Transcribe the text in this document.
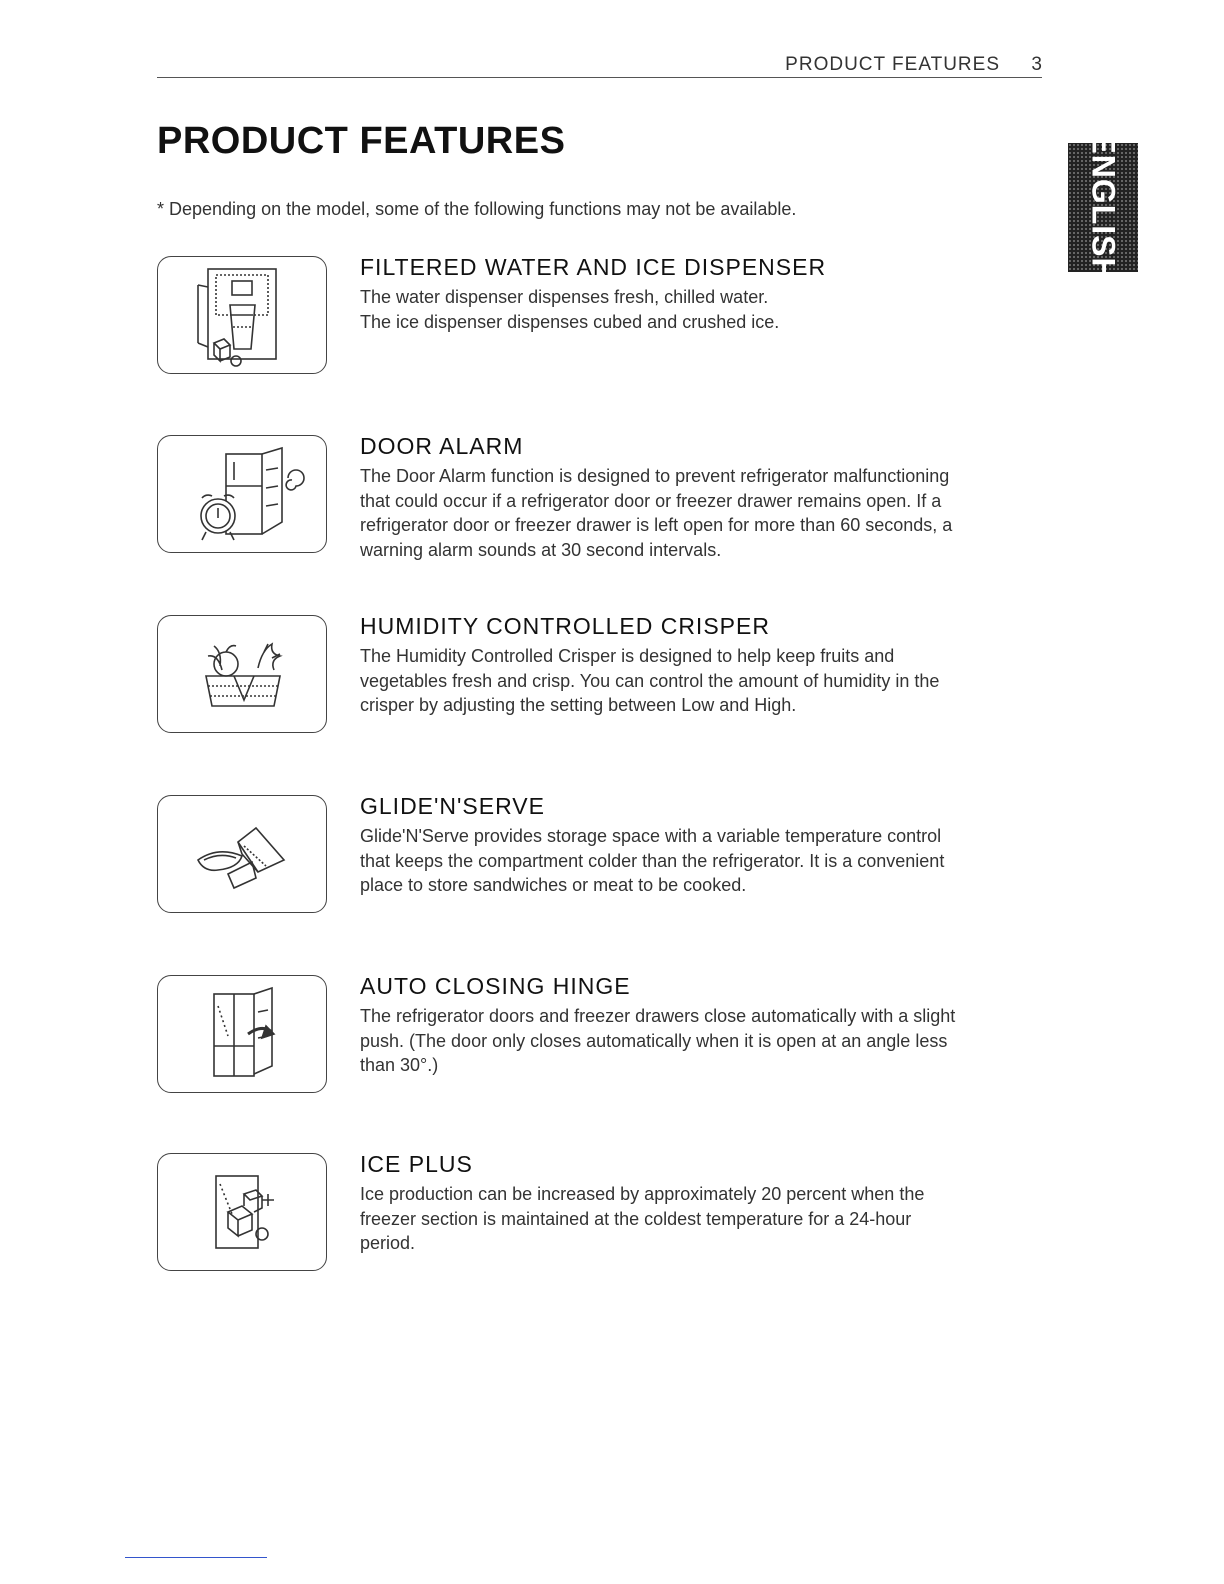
PRODUCT FEATURES 3
PRODUCT FEATURES
* Depending on the model, some of the following functions may not be available.	ENGLISH
FILTERED WATER AND ICE DISPENSER
The water dispenser dispenses fresh, chilled water.
The ice dispenser dispenses cubed and crushed ice.
DOOR ALARM
The Door Alarm function is designed to prevent refrigerator malfunctioning
that could occur if a refrigerator door or freezer drawer remains open. If a
refrigerator door or freezer drawer is left open for more than 60 seconds, a
warning alarm sounds at 30 second intervals.
HUMIDITY CONTROLLED CRISPER
The Humidity Controlled Crisper is designed to help keep fruits and
vegetables fresh and crisp. You can control the amount of humidity in the
crisper by adjusting the setting between Low and High.
GLIDE'N'SERVE
Glide'N'Serve provides storage space with a variable temperature control
that keeps the compartment colder than the refrigerator. It is a convenient
place to store sandwiches or meat to be cooked.
AUTO CLOSING HINGE
The refrigerator doors and freezer drawers close automatically with a slight
push. (The door only closes automatically when it is open at an angle less
than 30°.)
ICE PLUS
Ice production can be increased by approximately 20 percent when the
freezer section is maintained at the coldest temperature for a 24-hour
period.
